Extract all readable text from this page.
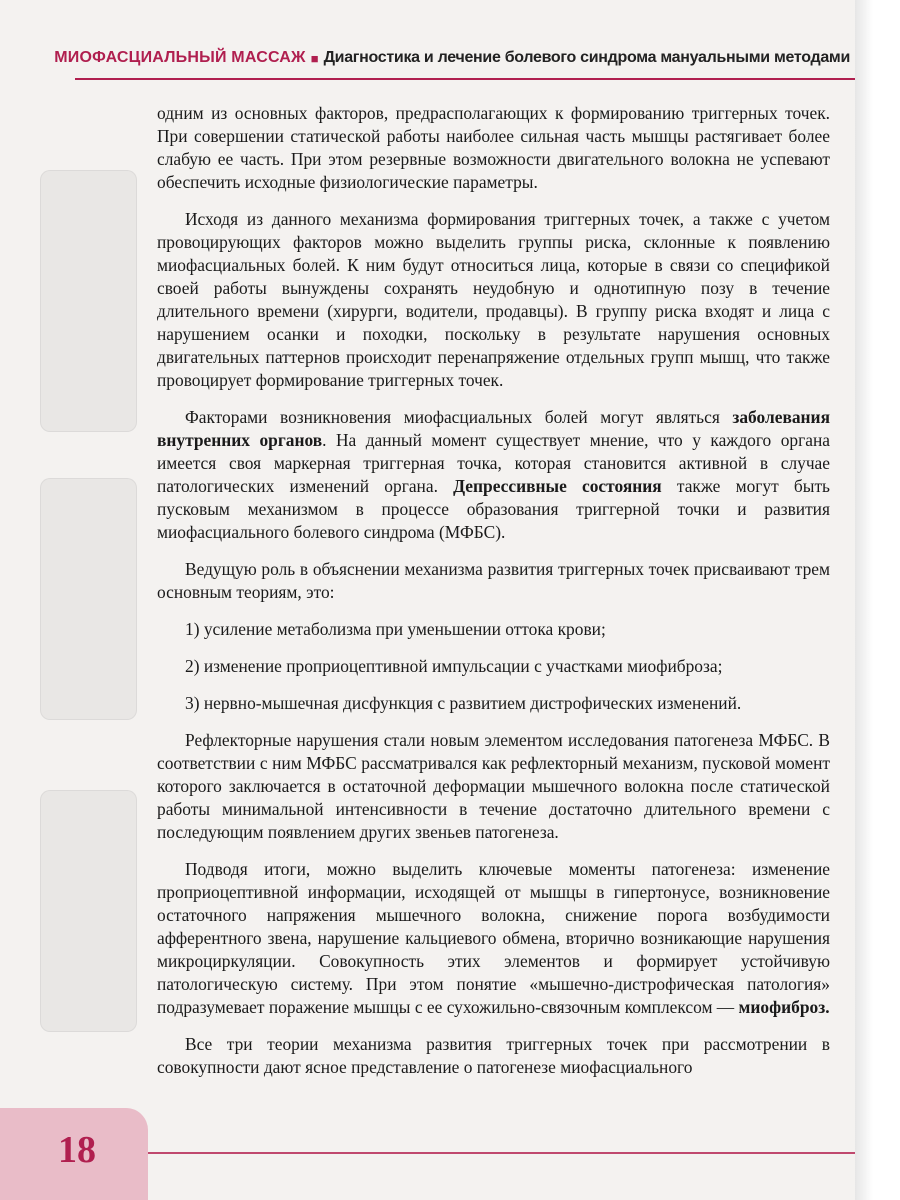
МИОФАСЦИАЛЬНЫЙ МАССАЖ ■ Диагностика и лечение болевого синдрома мануальными методами

одним из основных факторов, предрасполагающих к формированию триггерных точек. При совершении статической работы наиболее сильная часть мышцы растягивает более слабую ее часть. При этом резервные возможности двигательного волокна не успевают обеспечить исходные физиологические параметры.

Исходя из данного механизма формирования триггерных точек, а также с учетом провоцирующих факторов можно выделить группы риска, склонные к появлению миофасциальных болей. К ним будут относиться лица, которые в связи со спецификой своей работы вынуждены сохранять неудобную и однотипную позу в течение длительного времени (хирурги, водители, продавцы). В группу риска входят и лица с нарушением осанки и походки, поскольку в результате нарушения основных двигательных паттернов происходит перенапряжение отдельных групп мышц, что также провоцирует формирование триггерных точек.

Факторами возникновения миофасциальных болей могут являться заболевания внутренних органов. На данный момент существует мнение, что у каждого органа имеется своя маркерная триггерная точка, которая становится активной в случае патологических изменений органа. Депрессивные состояния также могут быть пусковым механизмом в процессе образования триггерной точки и развития миофасциального болевого синдрома (МФБС).

Ведущую роль в объяснении механизма развития триггерных точек присваивают трем основным теориям, это:

1) усиление метаболизма при уменьшении оттока крови;

2) изменение проприоцептивной импульсации с участками миофиброза;

3) нервно-мышечная дисфункция с развитием дистрофических изменений.

Рефлекторные нарушения стали новым элементом исследования патогенеза МФБС. В соответствии с ним МФБС рассматривался как рефлекторный механизм, пусковой момент которого заключается в остаточной деформации мышечного волокна после статической работы минимальной интенсивности в течение достаточно длительного времени с последующим появлением других звеньев патогенеза.

Подводя итоги, можно выделить ключевые моменты патогенеза: изменение проприоцептивной информации, исходящей от мышцы в гипертонусе, возникновение остаточного напряжения мышечного волокна, снижение порога возбудимости афферентного звена, нарушение кальциевого обмена, вторично возникающие нарушения микроциркуляции. Совокупность этих элементов и формирует устойчивую патологическую систему. При этом понятие «мышечно-дистрофическая патология» подразумевает поражение мышцы с ее сухожильно-связочным комплексом — миофиброз.

Все три теории механизма развития триггерных точек при рассмотрении в совокупности дают ясное представление о патогенезе миофасциального

18
